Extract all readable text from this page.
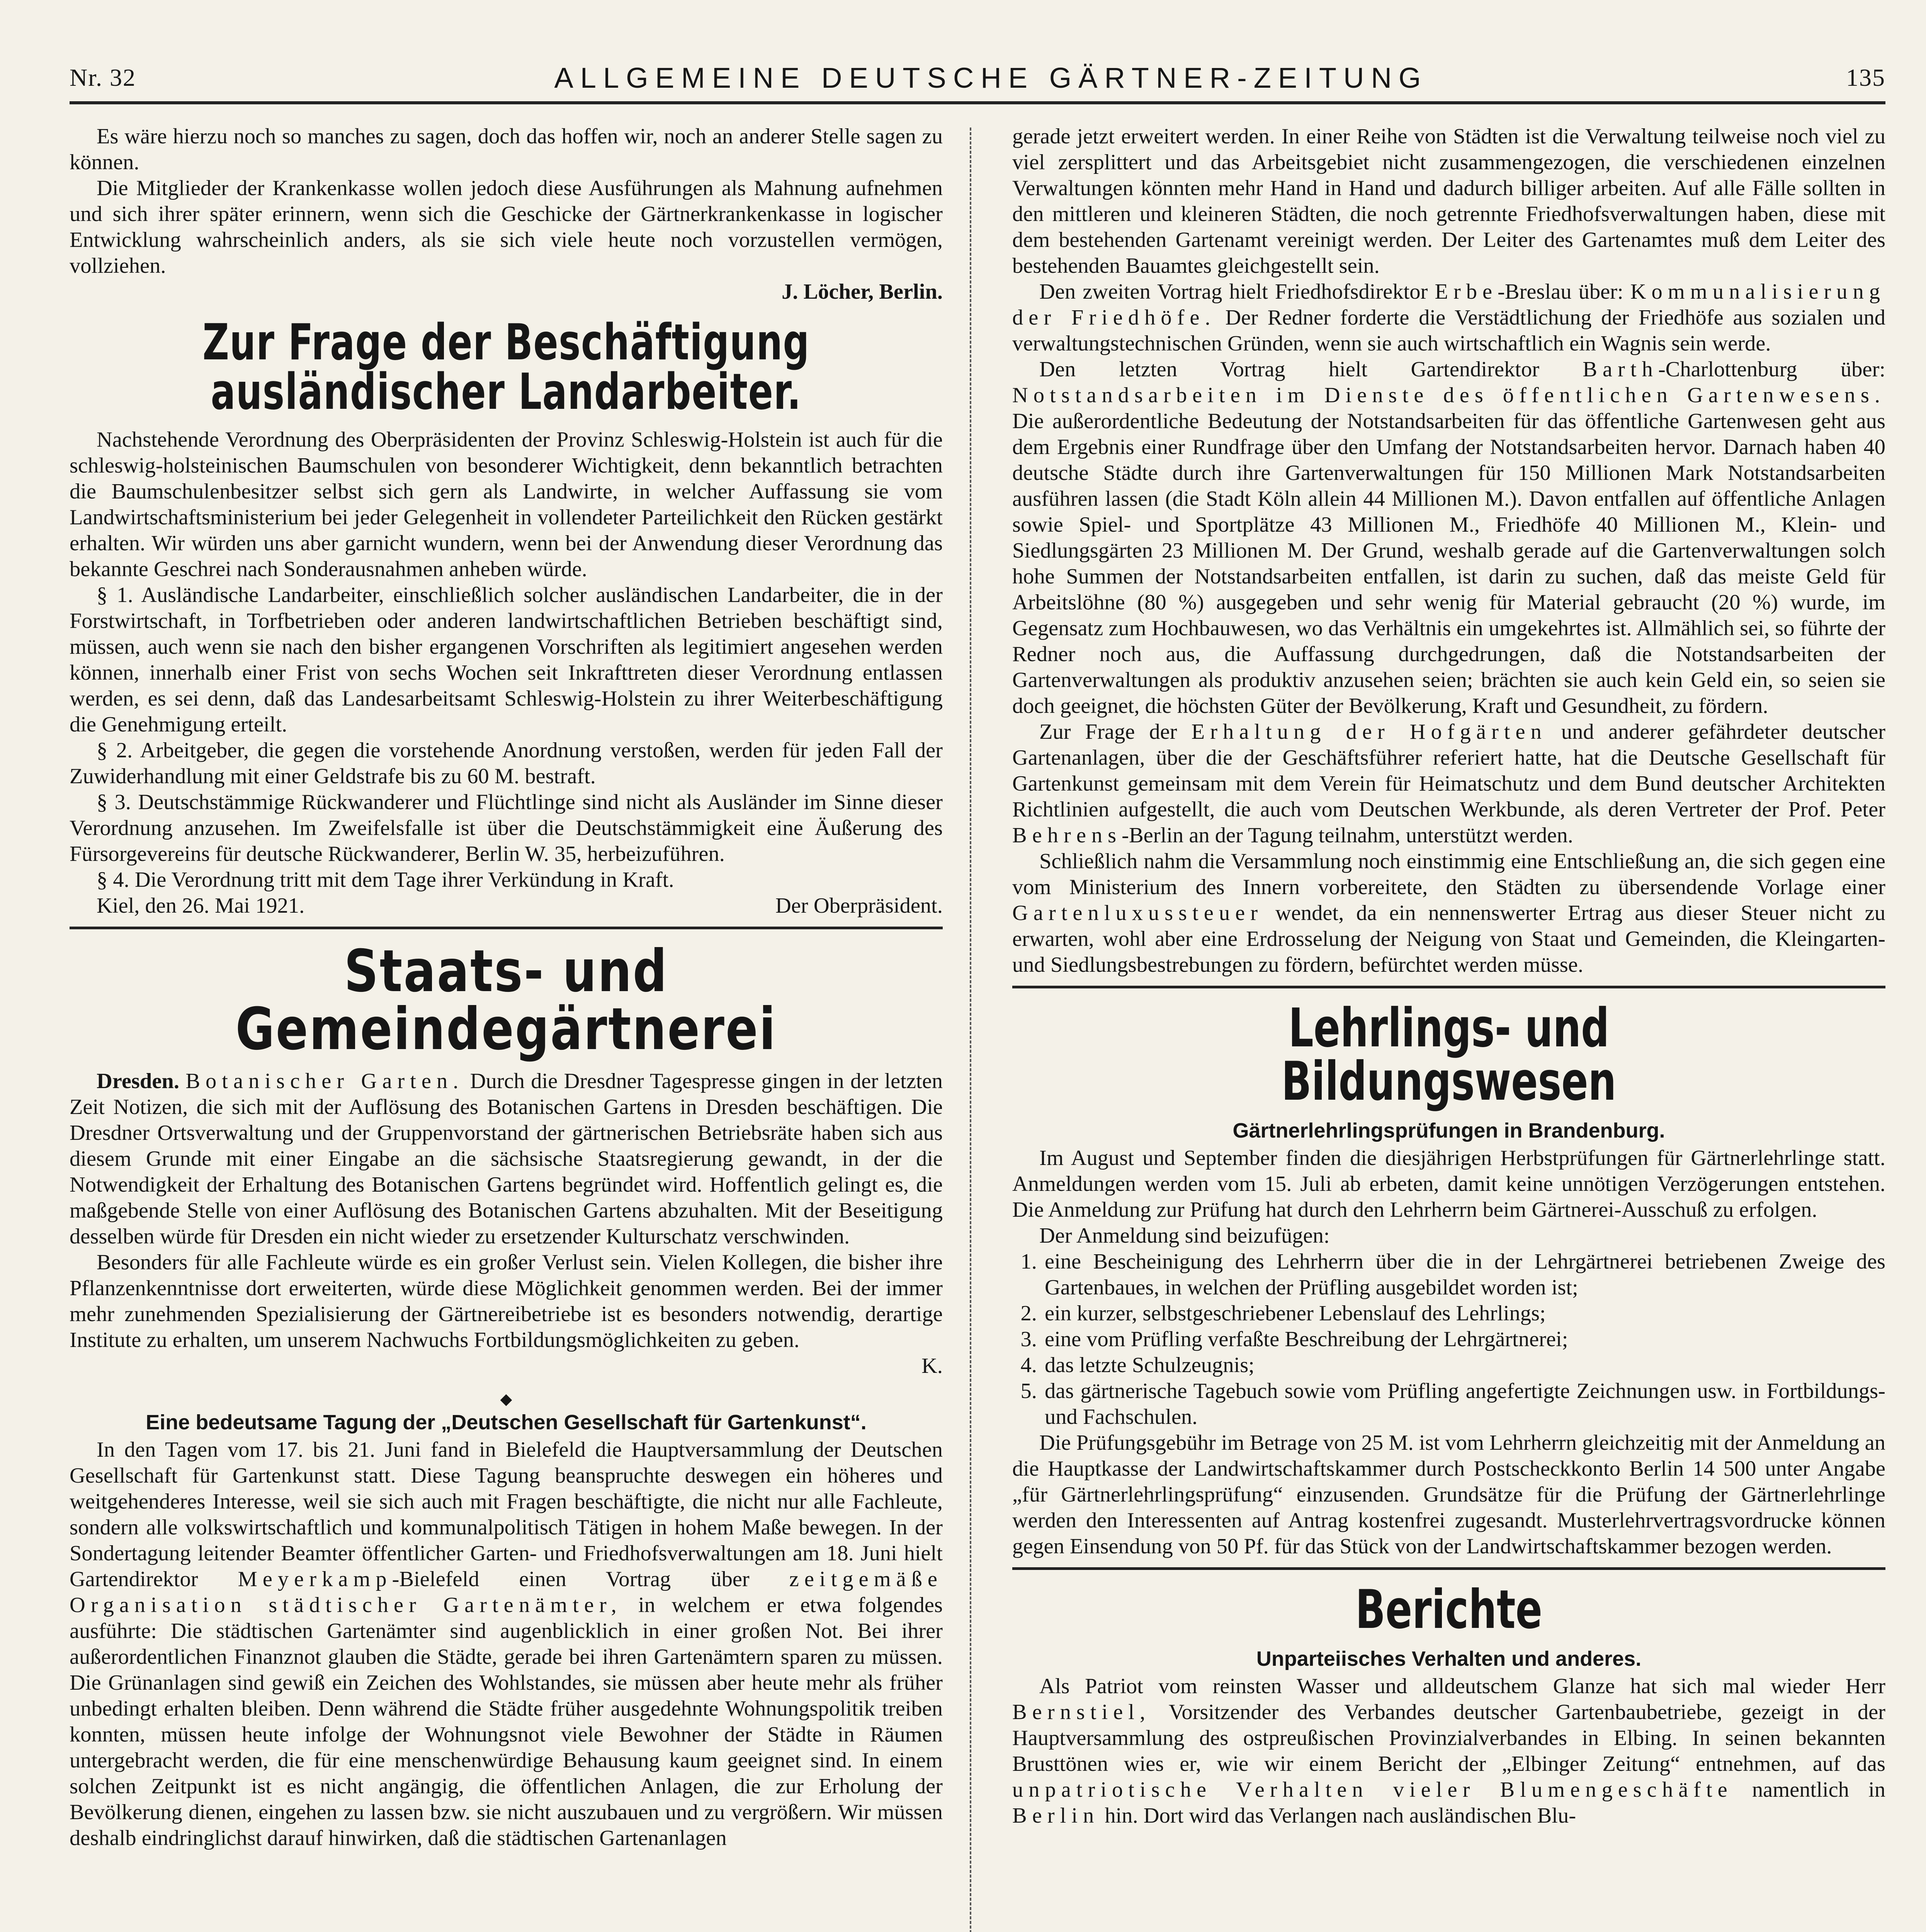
Nr. 32	ALLGEMEINE DEUTSCHE GÄRTNER-ZEITUNG	135

Es wäre hierzu noch so manches zu sagen, doch das hoffen wir, noch an anderer Stelle sagen zu können.

Die Mitglieder der Krankenkasse wollen jedoch diese Ausführungen als Mahnung aufnehmen und sich ihrer später erinnern, wenn sich die Geschicke der Gärtnerkrankenkasse in logischer Entwicklung wahrscheinlich anders, als sie sich viele heute noch vorzustellen vermögen, vollziehen.

J. Löcher, Berlin.
Zur Frage der Beschäftigung ausländischer Landarbeiter.

Nachstehende Verordnung des Oberpräsidenten der Provinz Schleswig-Holstein ist auch für die schleswig-holsteinischen Baumschulen von besonderer Wichtigkeit, denn bekanntlich betrachten die Baumschulenbesitzer selbst sich gern als Landwirte, in welcher Auffassung sie vom Landwirtschaftsministerium bei jeder Gelegenheit in vollendeter Parteilichkeit den Rücken gestärkt erhalten. Wir würden uns aber garnicht wundern, wenn bei der Anwendung dieser Verordnung das bekannte Geschrei nach Sonderausnahmen anheben würde.

§ 1. Ausländische Landarbeiter, einschließlich solcher ausländischen Landarbeiter, die in der Forstwirtschaft, in Torfbetrieben oder anderen landwirtschaftlichen Betrieben beschäftigt sind, müssen, auch wenn sie nach den bisher ergangenen Vorschriften als legitimiert angesehen werden können, innerhalb einer Frist von sechs Wochen seit Inkrafttreten dieser Verordnung entlassen werden, es sei denn, daß das Landesarbeitsamt Schleswig-Holstein zu ihrer Weiterbeschäftigung die Genehmigung erteilt.

§ 2. Arbeitgeber, die gegen die vorstehende Anordnung verstoßen, werden für jeden Fall der Zuwiderhandlung mit einer Geldstrafe bis zu 60 M. bestraft.

§ 3. Deutschstämmige Rückwanderer und Flüchtlinge sind nicht als Ausländer im Sinne dieser Verordnung anzusehen. Im Zweifelsfalle ist über die Deutschstämmigkeit eine Äußerung des Fürsorgevereins für deutsche Rückwanderer, Berlin W. 35, herbeizuführen.

§ 4. Die Verordnung tritt mit dem Tage ihrer Verkündung in Kraft.

Kiel, den 26. Mai 1921.	Der Oberpräsident.
Staats- und Gemeindegärtnerei

Dresden. Botanischer Garten. Durch die Dresdner Tagespresse gingen in der letzten Zeit Notizen, die sich mit der Auflösung des Botanischen Gartens in Dresden beschäftigen. Die Dresdner Ortsverwaltung und der Gruppenvorstand der gärtnerischen Betriebsräte haben sich aus diesem Grunde mit einer Eingabe an die sächsische Staatsregierung gewandt, in der die Notwendigkeit der Erhaltung des Botanischen Gartens begründet wird. Hoffentlich gelingt es, die maßgebende Stelle von einer Auflösung des Botanischen Gartens abzuhalten. Mit der Beseitigung desselben würde für Dresden ein nicht wieder zu ersetzender Kulturschatz verschwinden.

Besonders für alle Fachleute würde es ein großer Verlust sein. Vielen Kollegen, die bisher ihre Pflanzenkenntnisse dort erweiterten, würde diese Möglichkeit genommen werden. Bei der immer mehr zunehmenden Spezialisierung der Gärtnereibetriebe ist es besonders notwendig, derartige Institute zu erhalten, um unserem Nachwuchs Fortbildungsmöglichkeiten zu geben.

K.
◆
Eine bedeutsame Tagung der „Deutschen Gesellschaft für Gartenkunst“.

In den Tagen vom 17. bis 21. Juni fand in Bielefeld die Hauptversammlung der Deutschen Gesellschaft für Gartenkunst statt. Diese Tagung beanspruchte deswegen ein höheres und weitgehenderes Interesse, weil sie sich auch mit Fragen beschäftigte, die nicht nur alle Fachleute, sondern alle volkswirtschaftlich und kommunalpolitisch Tätigen in hohem Maße bewegen. In der Sondertagung leitender Beamter öffentlicher Garten- und Friedhofsverwaltungen am 18. Juni hielt Gartendirektor Meyerkamp-Bielefeld einen Vortrag über zeitgemäße Organisation städtischer Gartenämter, in welchem er etwa folgendes ausführte: Die städtischen Gartenämter sind augenblicklich in einer großen Not. Bei ihrer außerordentlichen Finanznot glauben die Städte, gerade bei ihren Gartenämtern sparen zu müssen. Die Grünanlagen sind gewiß ein Zeichen des Wohlstandes, sie müssen aber heute mehr als früher unbedingt erhalten bleiben. Denn während die Städte früher ausgedehnte Wohnungspolitik treiben konnten, müssen heute infolge der Wohnungsnot viele Bewohner der Städte in Räumen untergebracht werden, die für eine menschenwürdige Behausung kaum geeignet sind. In einem solchen Zeitpunkt ist es nicht angängig, die öffentlichen Anlagen, die zur Erholung der Bevölkerung dienen, eingehen zu lassen bzw. sie nicht auszubauen und zu vergrößern. Wir müssen deshalb eindringlichst darauf hinwirken, daß die städtischen Gartenanlagen

gerade jetzt erweitert werden. In einer Reihe von Städten ist die Verwaltung teilweise noch viel zu viel zersplittert und das Arbeitsgebiet nicht zusammengezogen, die verschiedenen einzelnen Verwaltungen könnten mehr Hand in Hand und dadurch billiger arbeiten. Auf alle Fälle sollten in den mittleren und kleineren Städten, die noch getrennte Friedhofsverwaltungen haben, diese mit dem bestehenden Gartenamt vereinigt werden. Der Leiter des Gartenamtes muß dem Leiter des bestehenden Bauamtes gleichgestellt sein.

Den zweiten Vortrag hielt Friedhofsdirektor Erbe-Breslau über: Kommunalisierung der Friedhöfe. Der Redner forderte die Verstädtlichung der Friedhöfe aus sozialen und verwaltungstechnischen Gründen, wenn sie auch wirtschaftlich ein Wagnis sein werde.

Den letzten Vortrag hielt Gartendirektor Barth-Charlottenburg über: Notstandsarbeiten im Dienste des öffentlichen Gartenwesens. Die außerordentliche Bedeutung der Notstandsarbeiten für das öffentliche Gartenwesen geht aus dem Ergebnis einer Rundfrage über den Umfang der Notstandsarbeiten hervor. Darnach haben 40 deutsche Städte durch ihre Gartenverwaltungen für 150 Millionen Mark Notstandsarbeiten ausführen lassen (die Stadt Köln allein 44 Millionen M.). Davon entfallen auf öffentliche Anlagen sowie Spiel- und Sportplätze 43 Millionen M., Friedhöfe 40 Millionen M., Klein- und Siedlungsgärten 23 Millionen M. Der Grund, weshalb gerade auf die Gartenverwaltungen solch hohe Summen der Notstandsarbeiten entfallen, ist darin zu suchen, daß das meiste Geld für Arbeitslöhne (80 %) ausgegeben und sehr wenig für Material gebraucht (20 %) wurde, im Gegensatz zum Hochbauwesen, wo das Verhältnis ein umgekehrtes ist. Allmählich sei, so führte der Redner noch aus, die Auffassung durchgedrungen, daß die Notstandsarbeiten der Gartenverwaltungen als produktiv anzusehen seien; brächten sie auch kein Geld ein, so seien sie doch geeignet, die höchsten Güter der Bevölkerung, Kraft und Gesundheit, zu fördern.

Zur Frage der Erhaltung der Hofgärten und anderer gefährdeter deutscher Gartenanlagen, über die der Geschäftsführer referiert hatte, hat die Deutsche Gesellschaft für Gartenkunst gemeinsam mit dem Verein für Heimatschutz und dem Bund deutscher Architekten Richtlinien aufgestellt, die auch vom Deutschen Werkbunde, als deren Vertreter der Prof. Peter Behrens-Berlin an der Tagung teilnahm, unterstützt werden.

Schließlich nahm die Versammlung noch einstimmig eine Entschließung an, die sich gegen eine vom Ministerium des Innern vorbereitete, den Städten zu übersendende Vorlage einer Gartenluxussteuer wendet, da ein nennenswerter Ertrag aus dieser Steuer nicht zu erwarten, wohl aber eine Erdrosselung der Neigung von Staat und Gemeinden, die Kleingarten- und Siedlungsbestrebungen zu fördern, befürchtet werden müsse.

Lehrlings- und Bildungswesen
Gärtnerlehrlingsprüfungen in Brandenburg.

Im August und September finden die diesjährigen Herbstprüfungen für Gärtnerlehrlinge statt. Anmeldungen werden vom 15. Juli ab erbeten, damit keine unnötigen Verzögerungen entstehen. Die Anmeldung zur Prüfung hat durch den Lehrherrn beim Gärtnerei-Ausschuß zu erfolgen.

Der Anmeldung sind beizufügen:

1. eine Bescheinigung des Lehrherrn über die in der Lehrgärtnerei betriebenen Zweige des Gartenbaues, in welchen der Prüfling ausgebildet worden ist;
2. ein kurzer, selbstgeschriebener Lebenslauf des Lehrlings;
3. eine vom Prüfling verfaßte Beschreibung der Lehrgärtnerei;
4. das letzte Schulzeugnis;
5. das gärtnerische Tagebuch sowie vom Prüfling angefertigte Zeichnungen usw. in Fortbildungs- und Fachschulen.

Die Prüfungsgebühr im Betrage von 25 M. ist vom Lehrherrn gleichzeitig mit der Anmeldung an die Hauptkasse der Landwirtschaftskammer durch Postscheckkonto Berlin 14 500 unter Angabe „für Gärtnerlehrlingsprüfung“ einzusenden. Grundsätze für die Prüfung der Gärtnerlehrlinge werden den Interessenten auf Antrag kostenfrei zugesandt. Musterlehrvertragsvordrucke können gegen Einsendung von 50 Pf. für das Stück von der Landwirtschaftskammer bezogen werden.

Berichte
Unparteiisches Verhalten und anderes.

Als Patriot vom reinsten Wasser und alldeutschem Glanze hat sich mal wieder Herr Bernstiel, Vorsitzender des Verbandes deutscher Gartenbaubetriebe, gezeigt in der Hauptversammlung des ostpreußischen Provinzialverbandes in Elbing. In seinen bekannten Brusttönen wies er, wie wir einem Bericht der „Elbinger Zeitung“ entnehmen, auf das unpatriotische Verhalten vieler Blumengeschäfte namentlich in Berlin hin. Dort wird das Verlangen nach ausländischen Blu-
